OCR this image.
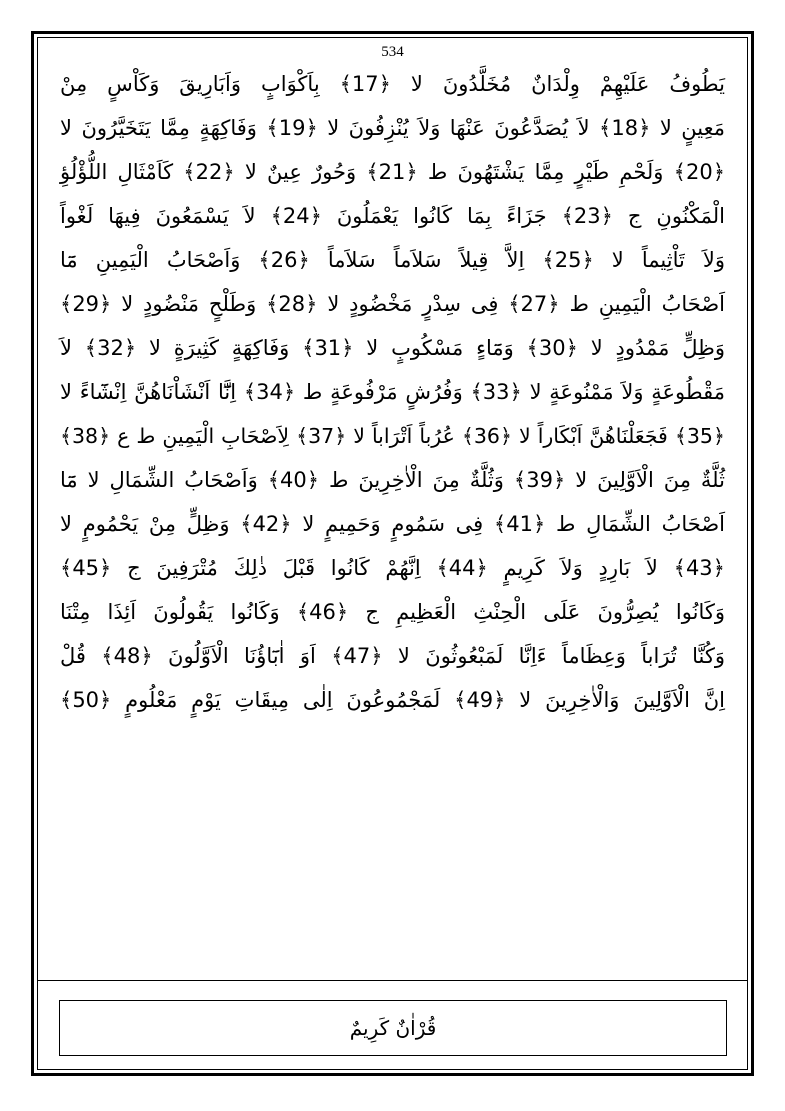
534
يَطُوفُ عَلَيْهِمْ وِلْدَانٌ مُخَلَّدُونَ لا ﴿17﴾ بِاَكْوَابٍ وَاَبَارِيقَ وَكَاْسٍ مِنْ
مَعِينٍ لا ﴿18﴾ لاَ يُصَدَّعُونَ عَنْهَا وَلاَ يُنْزِفُونَ لا ﴿19﴾ وَفَاكِهَةٍ مِمَّا يَتَخَيَّرُونَ لا
﴿20﴾ وَلَحْمِ طَيْرٍ مِمَّا يَشْتَهُونَ ط ﴿21﴾ وَحُورٌ عِينٌ لا ﴿22﴾ كَاَمْثَالِ اللُّؤْلُؤِ
الْمَكْنُونِ ج ﴿23﴾ جَزَاءً بِمَا كَانُوا يَعْمَلُونَ ﴿24﴾ لاَ يَسْمَعُونَ فِيهَا لَغْواً
وَلاَ تَاْثِيماً لا ﴿25﴾ اِلاَّ قِيلاً سَلاَماً سَلاَماً ﴿26﴾ وَاَصْحَابُ الْيَمِينِ مَٓا
اَصْحَابُ الْيَمِينِ ط ﴿27﴾ فِى سِدْرٍ مَخْضُودٍ لا ﴿28﴾ وَطَلْحٍ مَنْضُودٍ لا ﴿29﴾
وَظِلٍّ مَمْدُودٍ لا ﴿30﴾ وَمَٓاءٍ مَسْكُوبٍ لا ﴿31﴾ وَفَاكِهَةٍ كَثِيرَةٍ لا ﴿32﴾ لاَ
مَقْطُوعَةٍ وَلاَ مَمْنُوعَةٍ لا ﴿33﴾ وَفُرُشٍ مَرْفُوعَةٍ ط ﴿34﴾ اِنَّٓا اَنْشَاْنَاهُنَّ اِنْشَٓاءً لا
﴿35﴾ فَجَعَلْنَاهُنَّ اَبْكَاراً لا ﴿36﴾ عُرُباً اَتْرَاباً لا ﴿37﴾ لِاَصْحَابِ الْيَمِينِ ط ع ﴿38﴾
ثُلَّةٌ مِنَ الْاَوَّلِينَ لا ﴿39﴾ وَثُلَّةٌ مِنَ الْاٰخِرِينَ ط ﴿40﴾ وَاَصْحَابُ الشِّمَالِ لا مَٓا
اَصْحَابُ الشِّمَالِ ط ﴿41﴾ فِى سَمُومٍ وَحَمِيمٍ لا ﴿42﴾ وَظِلٍّ مِنْ يَحْمُومٍ لا
﴿43﴾ لاَ بَارِدٍ وَلاَ كَرِيمٍ ﴿44﴾ اِنَّهُمْ كَانُوا قَبْلَ ذٰلِكَ مُتْرَفِينَ ج ﴿45﴾
وَكَانُوا يُصِرُّونَ عَلَى الْحِنْثِ الْعَظِيمِ ج ﴿46﴾ وَكَانُوا يَقُولُونَ اَئِذَا مِتْنَا
وَكُنَّا تُرَاباً وَعِظَاماً ءَاِنَّا لَمَبْعُوثُونَ لا ﴿47﴾ اَوَ اٰبَٓاؤُنَا الْاَوَّلُونَ ﴿48﴾ قُلْ
اِنَّ الْاَوَّلِينَ وَالْاٰخِرِينَ لا ﴿49﴾ لَمَجْمُوعُونَ اِلٰى مِيقَاتِ يَوْمٍ مَعْلُومٍ ﴿50﴾
قُرْاٰنٌ كَرِيمٌ
